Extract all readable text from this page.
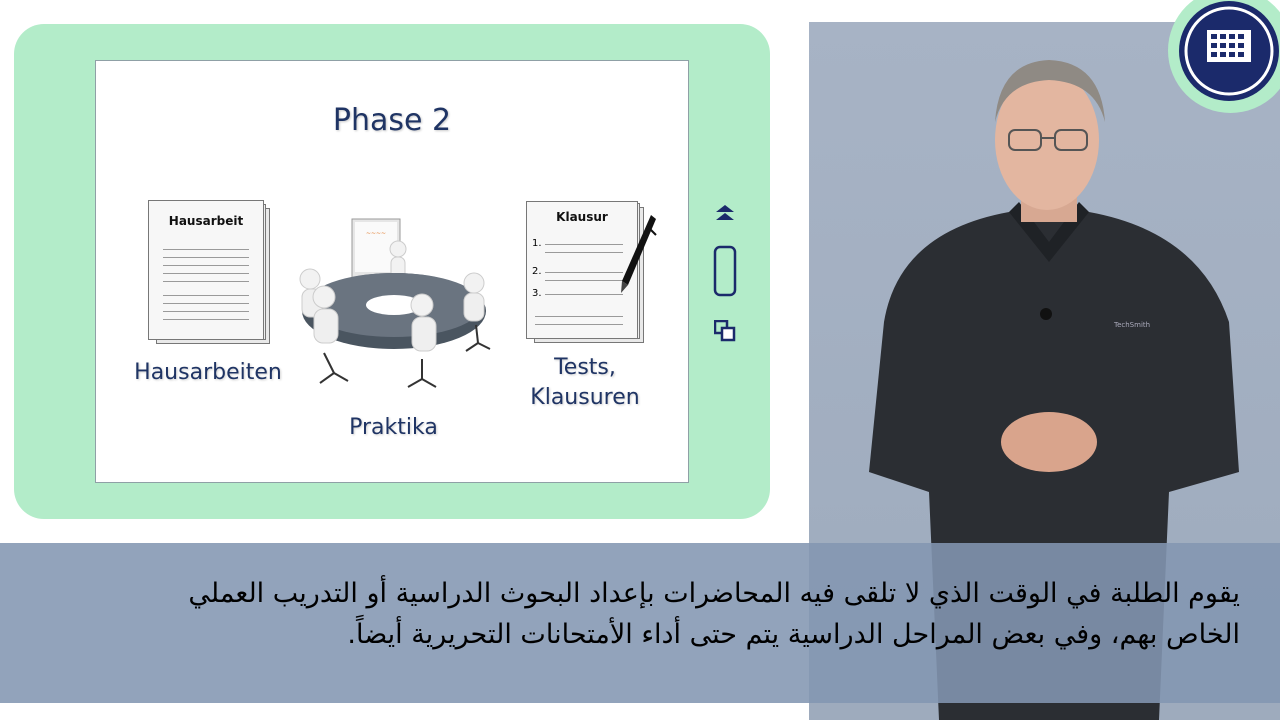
Phase 2
Hausarbeit
Hausarbeiten
~~~~
Praktika
Klausur
1.
2.
3.
Tests,
Klausuren
TechSmith
يقوم الطلبة في الوقت الذي لا تلقى فيه المحاضرات بإعداد البحوث الدراسية أو التدريب العملي
الخاص بهم، وفي بعض المراحل الدراسية يتم حتى أداء الأمتحانات التحريرية أيضاً.
